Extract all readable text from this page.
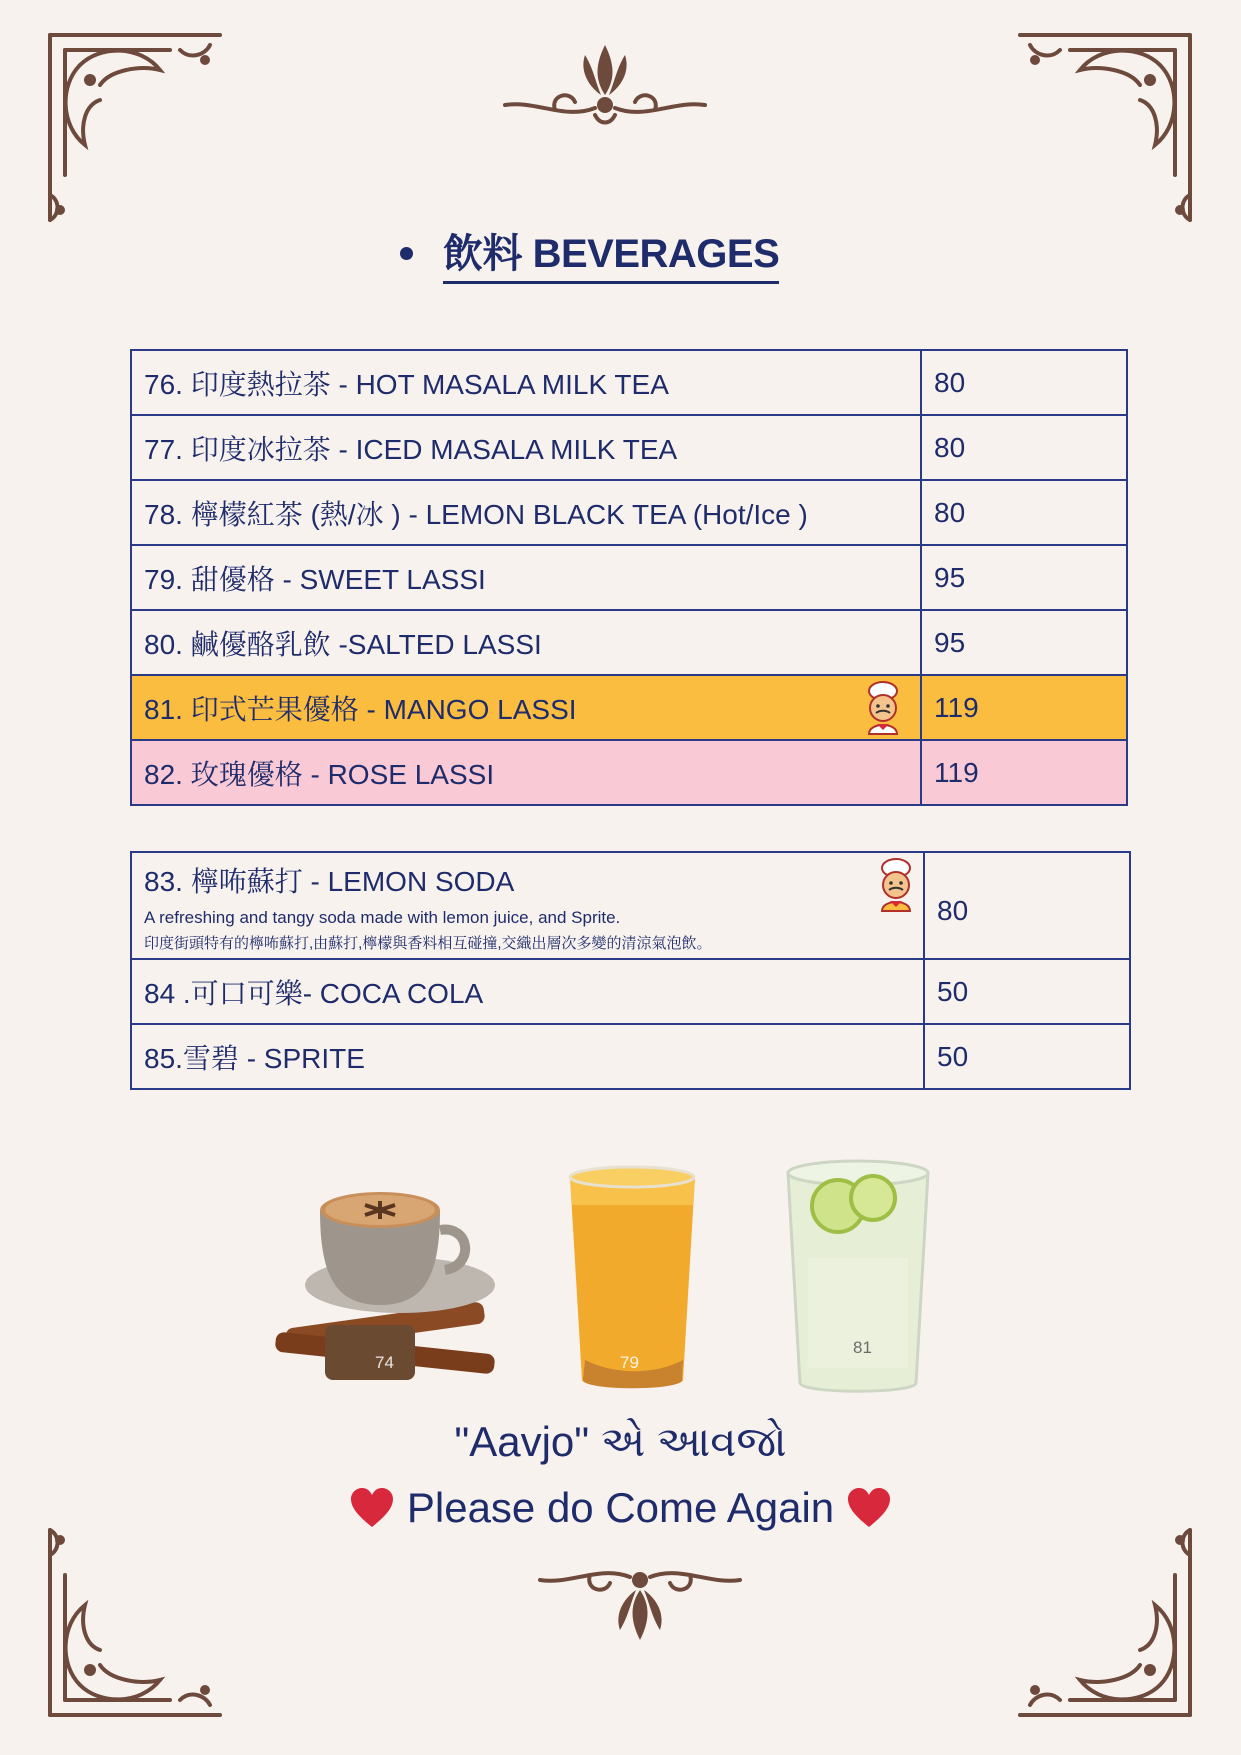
飲料 BEVERAGES
76. 印度熱拉茶 - HOT MASALA MILK TEA	80
77. 印度冰拉茶 - ICED MASALA MILK TEA	80
78. 檸檬紅茶 (熱/冰 ) - LEMON BLACK TEA (Hot/Ice )	80
79. 甜優格 - SWEET LASSI	95
80. 鹹優酪乳飲 -SALTED LASSI	95
81. 印式芒果優格 - MANGO LASSI	119
82. 玫瑰優格 - ROSE LASSI	119
83. 檸咘蘇打 - LEMON SODA
A refreshing and tangy soda made with lemon juice, and Sprite.
印度街頭特有的檸咘蘇打,由蘇打,檸檬與香料相互碰撞,交織出層次多變的清涼氣泡飲。	80
84 .可口可樂- COCA COLA	50
85.雪碧 - SPRITE	50
74	79
81
"Aavjo" એ આવજો
Please do Come Again
